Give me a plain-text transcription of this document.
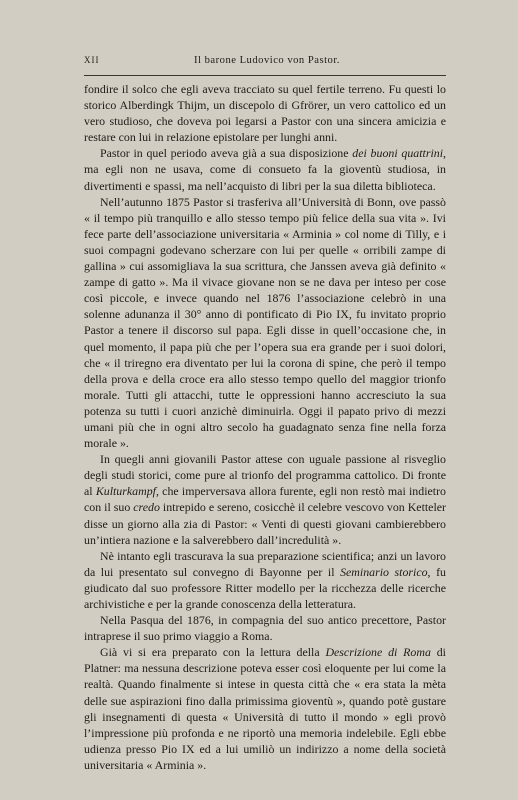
XII	Il barone Ludovico von Pastor.

fondire il solco che egli aveva tracciato su quel fertile terreno. Fu questi lo storico Alberdingk Thijm, un discepolo di Gfrörer, un vero cattolico ed un vero studioso, che doveva poi legarsi a Pastor con una sincera amicizia e restare con lui in relazione epistolare per lunghi anni.

Pastor in quel periodo aveva già a sua disposizione dei buoni quattrini, ma egli non ne usava, come di consueto fa la gioventù studiosa, in divertimenti e spassi, ma nell’acquisto di libri per la sua diletta biblioteca.

Nell’autunno 1875 Pastor si trasferiva all’Università di Bonn, ove passò « il tempo più tranquillo e allo stesso tempo più felice della sua vita ». Ivi fece parte dell’associazione universitaria « Arminia » col nome di Tilly, e i suoi compagni godevano scherzare con lui per quelle « orribili zampe di gallina » cui assomigliava la sua scrittura, che Janssen aveva già definito « zampe di gatto ». Ma il vivace giovane non se ne dava per inteso per cose così piccole, e invece quando nel 1876 l’associazione celebrò in una solenne adunanza il 30° anno di pontificato di Pio IX, fu invitato proprio Pastor a tenere il discorso sul papa. Egli disse in quell’occasione che, in quel momento, il papa più che per l’opera sua era grande per i suoi dolori, che « il triregno era diventato per lui la corona di spine, che però il tempo della prova e della croce era allo stesso tempo quello del maggior trionfo morale. Tutti gli attacchi, tutte le oppressioni hanno accresciuto la sua potenza su tutti i cuori anzichè diminuirla. Oggi il papato privo di mezzi umani più che in ogni altro secolo ha guadagnato senza fine nella forza morale ».

In quegli anni giovanili Pastor attese con uguale passione al risveglio degli studi storici, come pure al trionfo del programma cattolico. Di fronte al Kulturkampf, che imperversava allora furente, egli non restò mai indietro con il suo credo intrepido e sereno, cosicchè il celebre vescovo von Ketteler disse un giorno alla zia di Pastor: « Venti di questi giovani cambierebbero un’intiera nazione e la salverebbero dall’incredulità ».

Nè intanto egli trascurava la sua preparazione scientifica; anzi un lavoro da lui presentato sul convegno di Bayonne per il Seminario storico, fu giudicato dal suo professore Ritter modello per la ricchezza delle ricerche archivistiche e per la grande conoscenza della letteratura.

Nella Pasqua del 1876, in compagnia del suo antico precettore, Pastor intraprese il suo primo viaggio a Roma.

Già vi si era preparato con la lettura della Descrizione di Roma di Platner: ma nessuna descrizione poteva esser così eloquente per lui come la realtà. Quando finalmente si intese in questa città che « era stata la mèta delle sue aspirazioni fino dalla primissima gioventù », quando potè gustare gli insegnamenti di questa « Università di tutto il mondo » egli provò l’impressione più profonda e ne riportò una memoria indelebile. Egli ebbe udienza presso Pio IX ed a lui umiliò un indirizzo a nome della società universitaria « Arminia ».
